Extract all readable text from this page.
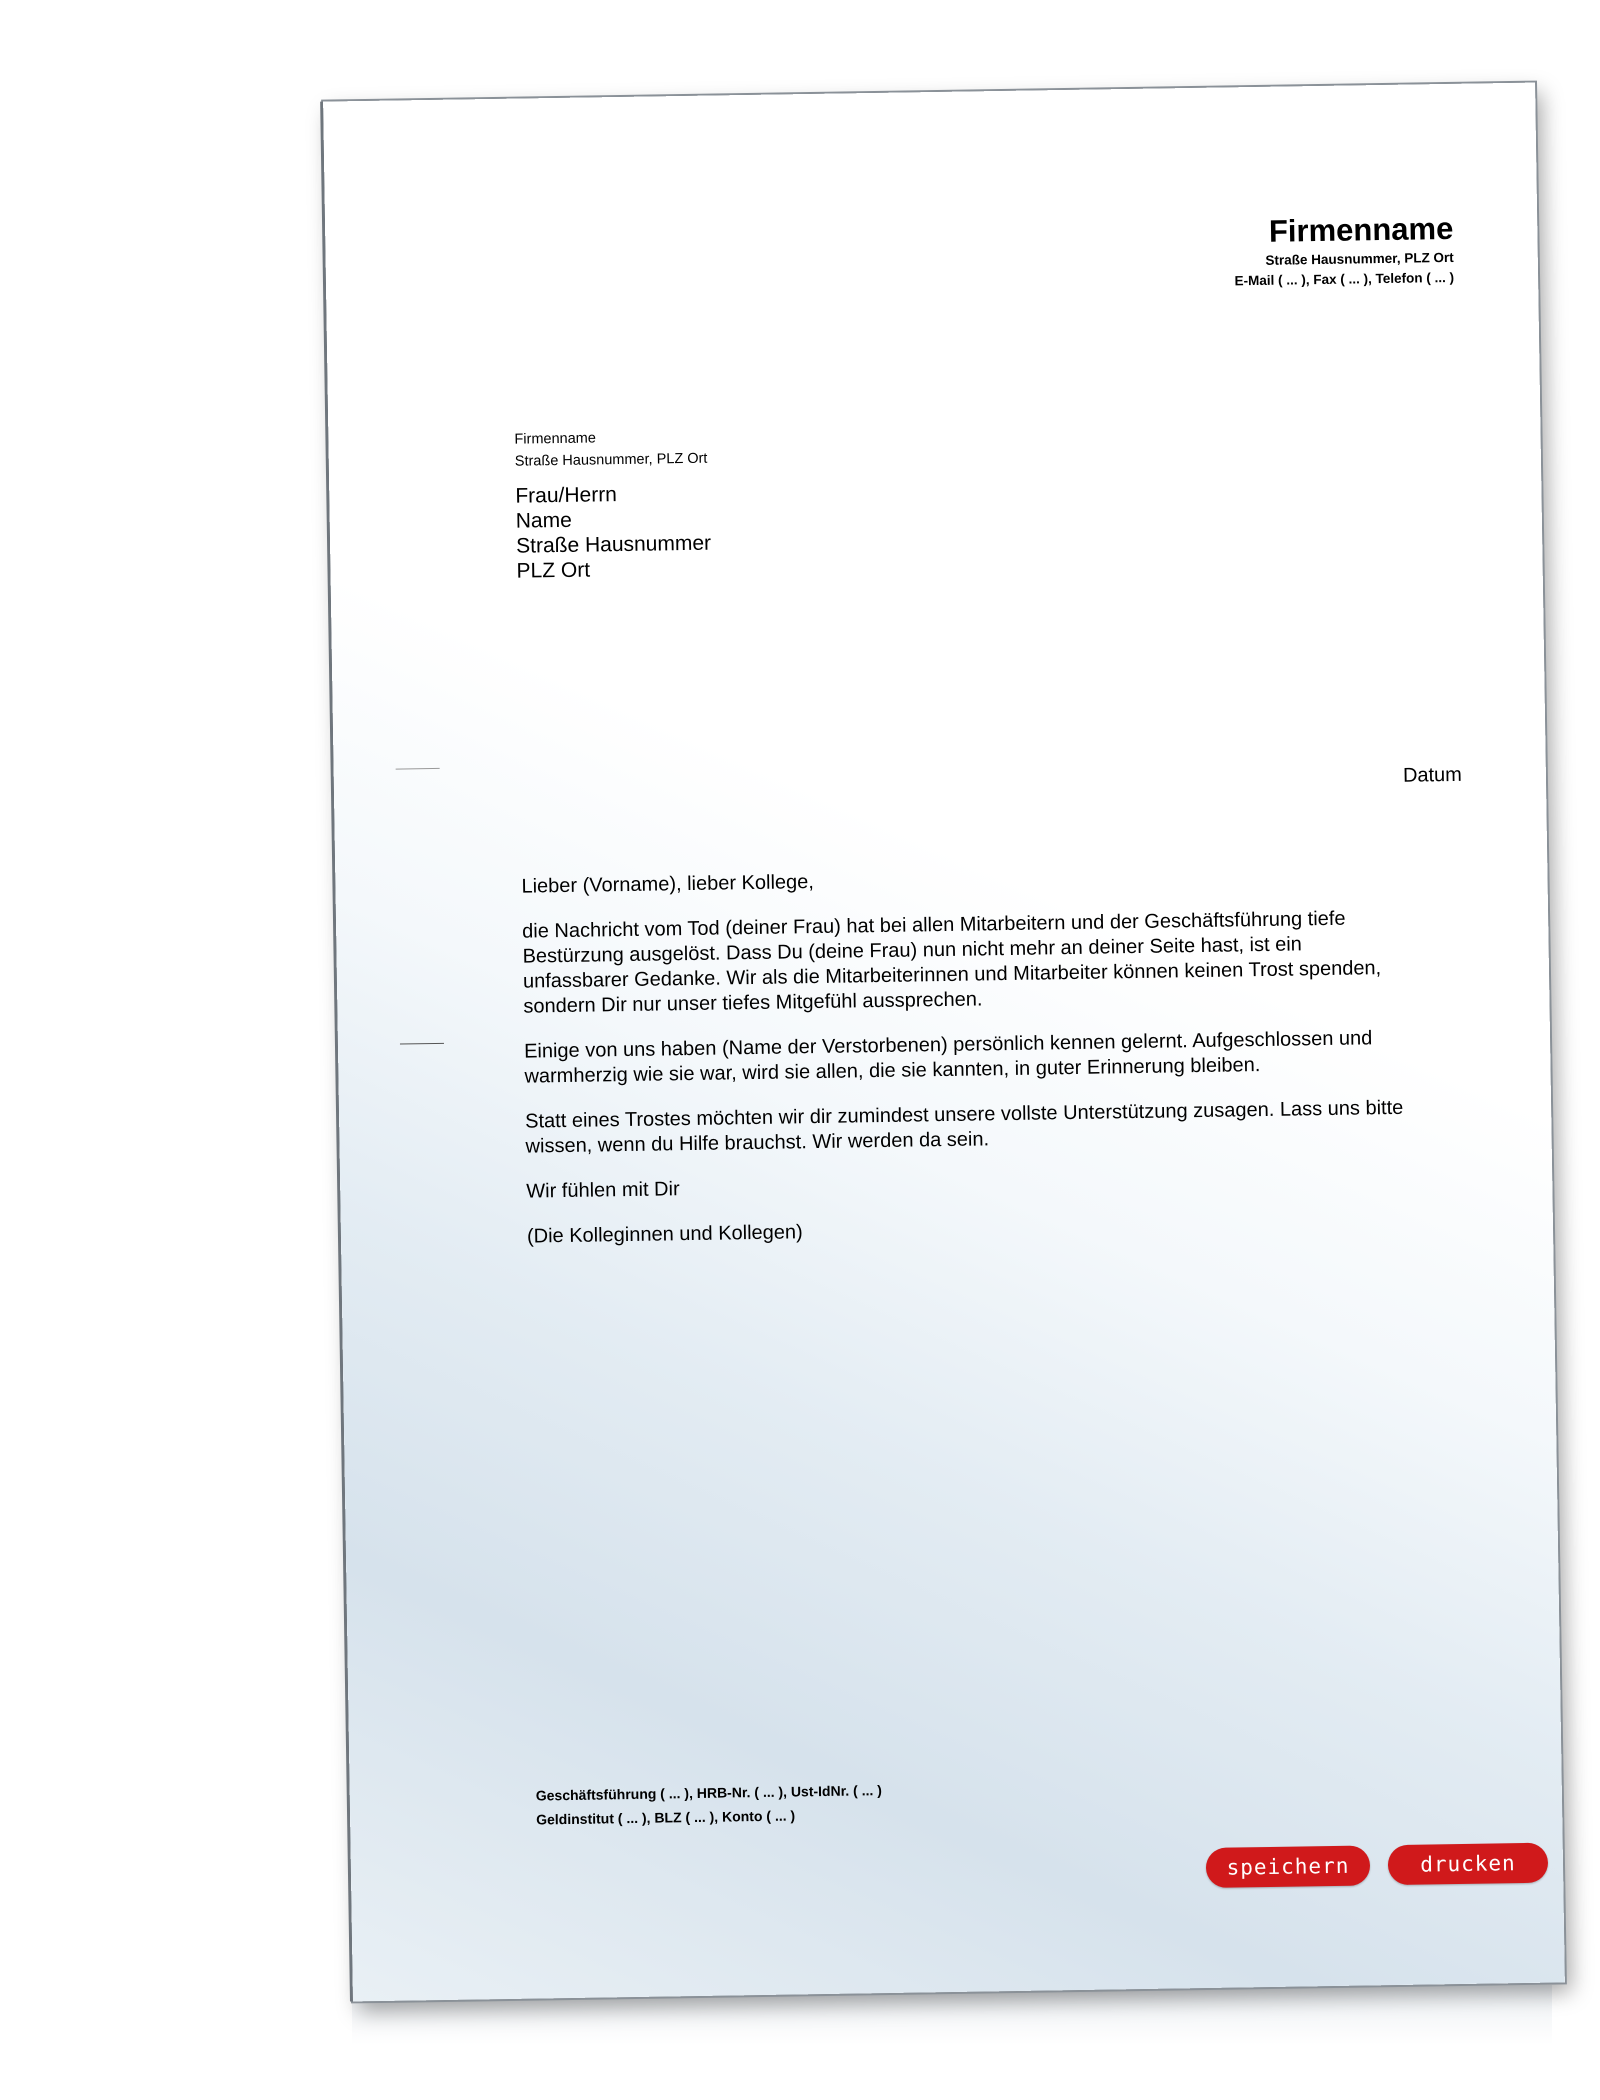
Firmenname
Straße Hausnummer, PLZ Ort
E-Mail ( ... ), Fax ( ... ), Telefon ( ... )
Firmenname
Straße Hausnummer, PLZ Ort
Frau/Herrn
Name
Straße Hausnummer
PLZ Ort
Datum

Lieber (Vorname), lieber Kollege,

die Nachricht vom Tod (deiner Frau) hat bei allen Mitarbeitern und der Geschäftsführung tiefe Bestürzung ausgelöst. Dass Du (deine Frau) nun nicht mehr an deiner Seite hast, ist ein unfassbarer Gedanke. Wir als die Mitarbeiterinnen und Mitarbeiter können keinen Trost spenden, sondern Dir nur unser tiefes Mitgefühl aussprechen.

Einige von uns haben (Name der Verstorbenen) persönlich kennen gelernt. Aufgeschlossen und warmherzig wie sie war, wird sie allen, die sie kannten, in guter Erinnerung bleiben.

Statt eines Trostes möchten wir dir zumindest unsere vollste Unterstützung zusagen. Lass uns bitte wissen, wenn du Hilfe brauchst. Wir werden da sein.

Wir fühlen mit Dir

(Die Kolleginnen und Kollegen)

Geschäftsführung ( ... ), HRB-Nr. ( ... ), Ust-IdNr. ( ... )
Geldinstitut ( ... ), BLZ ( ... ), Konto ( ... )
speichern	drucken
